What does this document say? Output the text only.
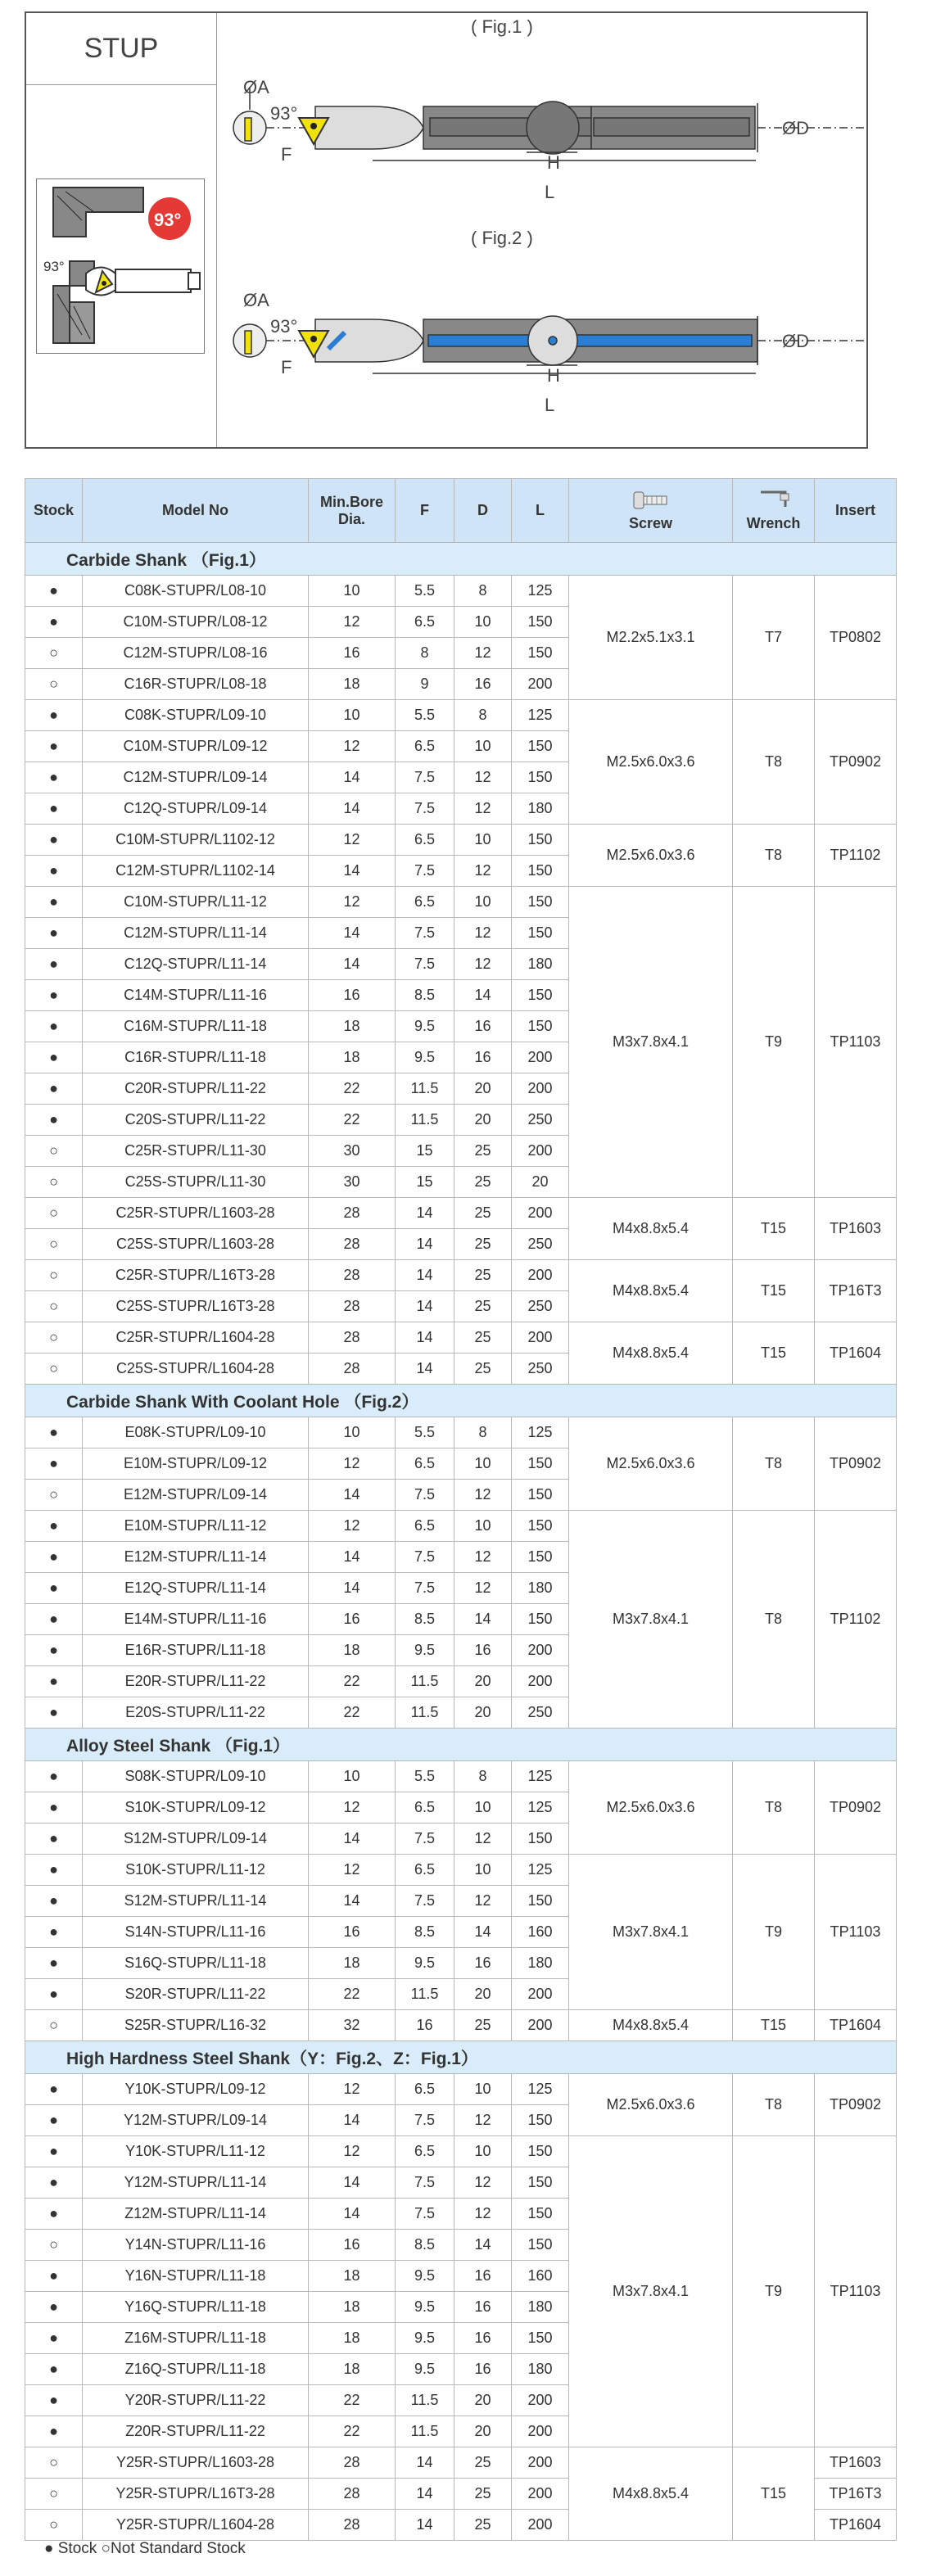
STUP
93°
93°
( Fig.1 )
( Fig.2 )
ØA
93°
F	H
L
ØD
ØA
93°
F	H
L
ØD
Stock	Model No	Min.Bore
Dia.	F	D	L	Screw	Wrench	Insert
Carbide Shank （Fig.1）								
●	C08K-STUPR/L08-10	10	5.5	8	125	M2.2x5.1x3.1	T7	TP0802
●	C10M-STUPR/L08-12	12	6.5	10	150			
○	C12M-STUPR/L08-16	16	8	12	150			
○	C16R-STUPR/L08-18	18	9	16	200			
●	C08K-STUPR/L09-10	10	5.5	8	125	M2.5x6.0x3.6	T8	TP0902
●	C10M-STUPR/L09-12	12	6.5	10	150			
●	C12M-STUPR/L09-14	14	7.5	12	150			
●	C12Q-STUPR/L09-14	14	7.5	12	180			
●	C10M-STUPR/L1102-12	12	6.5	10	150	M2.5x6.0x3.6	T8	TP1102
●	C12M-STUPR/L1102-14	14	7.5	12	150			
●	C10M-STUPR/L11-12	12	6.5	10	150	M3x7.8x4.1	T9	TP1103
●	C12M-STUPR/L11-14	14	7.5	12	150			
●	C12Q-STUPR/L11-14	14	7.5	12	180			
●	C14M-STUPR/L11-16	16	8.5	14	150			
●	C16M-STUPR/L11-18	18	9.5	16	150			
●	C16R-STUPR/L11-18	18	9.5	16	200			
●	C20R-STUPR/L11-22	22	11.5	20	200			
●	C20S-STUPR/L11-22	22	11.5	20	250			
○	C25R-STUPR/L11-30	30	15	25	200			
○	C25S-STUPR/L11-30	30	15	25	20			
○	C25R-STUPR/L1603-28	28	14	25	200	M4x8.8x5.4	T15	TP1603
○	C25S-STUPR/L1603-28	28	14	25	250			
○	C25R-STUPR/L16T3-28	28	14	25	200	M4x8.8x5.4	T15	TP16T3
○	C25S-STUPR/L16T3-28	28	14	25	250			
○	C25R-STUPR/L1604-28	28	14	25	200	M4x8.8x5.4	T15	TP1604
○	C25S-STUPR/L1604-28	28	14	25	250			
Carbide Shank With Coolant Hole （Fig.2）								
●	E08K-STUPR/L09-10	10	5.5	8	125	M2.5x6.0x3.6	T8	TP0902
●	E10M-STUPR/L09-12	12	6.5	10	150			
○	E12M-STUPR/L09-14	14	7.5	12	150			
●	E10M-STUPR/L11-12	12	6.5	10	150	M3x7.8x4.1	T8	TP1102
●	E12M-STUPR/L11-14	14	7.5	12	150			
●	E12Q-STUPR/L11-14	14	7.5	12	180			
●	E14M-STUPR/L11-16	16	8.5	14	150			
●	E16R-STUPR/L11-18	18	9.5	16	200			
●	E20R-STUPR/L11-22	22	11.5	20	200			
●	E20S-STUPR/L11-22	22	11.5	20	250			
Alloy Steel Shank （Fig.1）								
●	S08K-STUPR/L09-10	10	5.5	8	125	M2.5x6.0x3.6	T8	TP0902
●	S10K-STUPR/L09-12	12	6.5	10	125			
●	S12M-STUPR/L09-14	14	7.5	12	150			
●	S10K-STUPR/L11-12	12	6.5	10	125	M3x7.8x4.1	T9	TP1103
●	S12M-STUPR/L11-14	14	7.5	12	150			
●	S14N-STUPR/L11-16	16	8.5	14	160			
●	S16Q-STUPR/L11-18	18	9.5	16	180			
●	S20R-STUPR/L11-22	22	11.5	20	200			
○	S25R-STUPR/L16-32	32	16	25	200	M4x8.8x5.4	T15	TP1604
High Hardness Steel Shank（Y：Fig.2、Z：Fig.1）								
●	Y10K-STUPR/L09-12	12	6.5	10	125	M2.5x6.0x3.6	T8	TP0902
●	Y12M-STUPR/L09-14	14	7.5	12	150			
●	Y10K-STUPR/L11-12	12	6.5	10	150	M3x7.8x4.1	T9	TP1103
●	Y12M-STUPR/L11-14	14	7.5	12	150			
●	Z12M-STUPR/L11-14	14	7.5	12	150			
○	Y14N-STUPR/L11-16	16	8.5	14	150			
●	Y16N-STUPR/L11-18	18	9.5	16	160			
●	Y16Q-STUPR/L11-18	18	9.5	16	180			
●	Z16M-STUPR/L11-18	18	9.5	16	150			
●	Z16Q-STUPR/L11-18	18	9.5	16	180			
●	Y20R-STUPR/L11-22	22	11.5	20	200			
●	Z20R-STUPR/L11-22	22	11.5	20	200			
○	Y25R-STUPR/L1603-28	28	14	25	200	M4x8.8x5.4	T15	TP1603
○	Y25R-STUPR/L16T3-28	28	14	25	200			TP16T3
○	Y25R-STUPR/L1604-28	28	14	25	200			TP1604
● Stock ○Not Standard Stock
